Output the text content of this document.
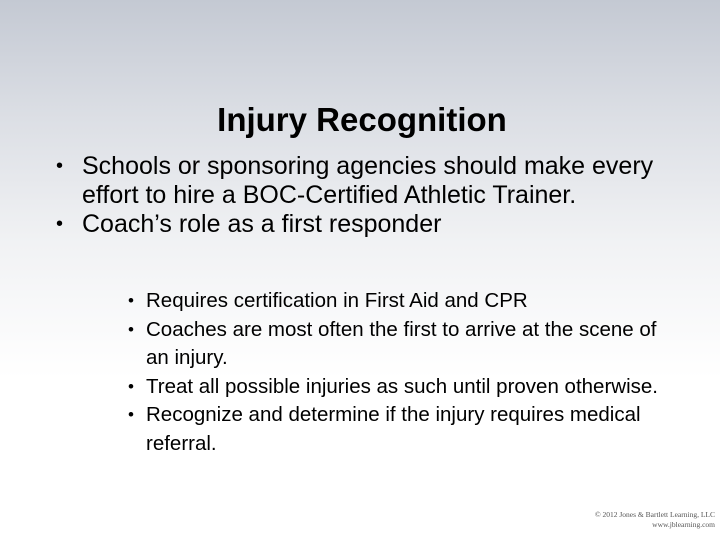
Injury Recognition
• Schools or sponsoring agencies should make every effort to hire a BOC-Certified Athletic Trainer.
• Coach’s role as a first responder
• Requires certification in First Aid and CPR
• Coaches are most often the first to arrive at the scene of an injury.
• Treat all possible injuries as such until proven otherwise.
• Recognize and determine if the injury requires medical referral.
© 2012 Jones & Bartlett Learning, LLC
www.jblearning.com
